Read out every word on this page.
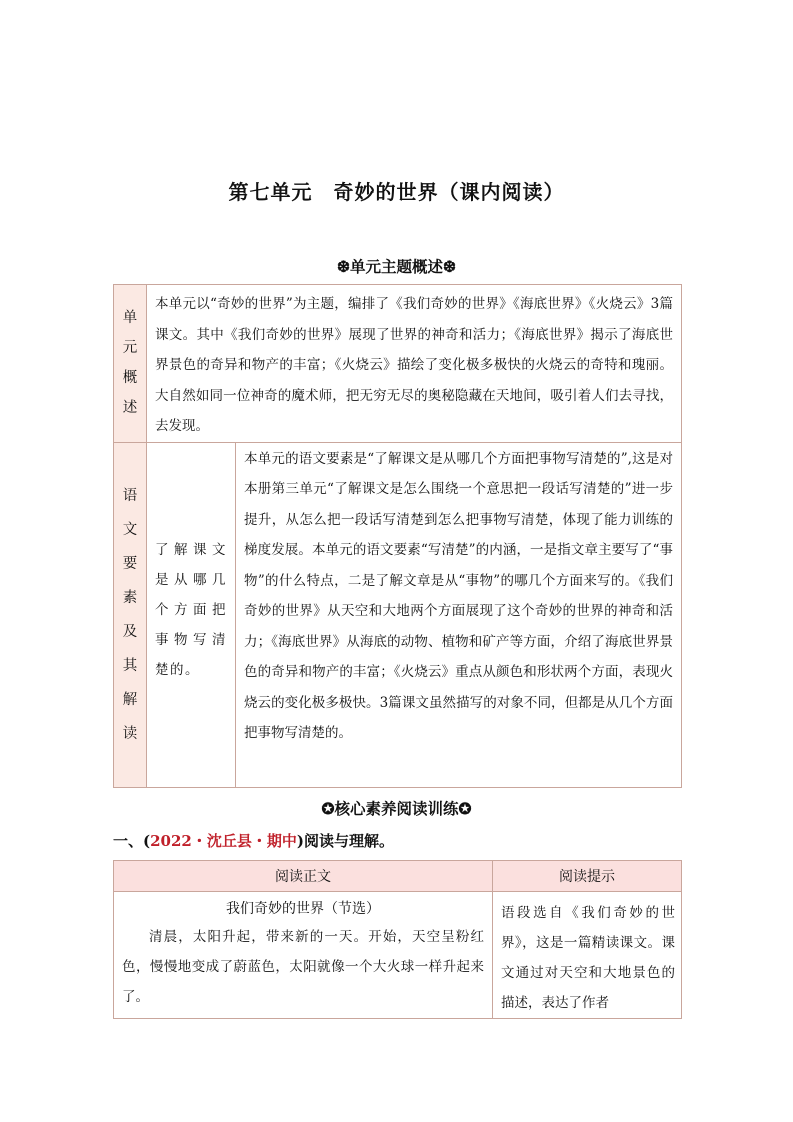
第七单元　奇妙的世界（课内阅读）
❆单元主题概述❆
单元概述	本单元以“奇妙的世界”为主题，编排了《我们奇妙的世界》《海底世界》《火烧云》3篇课文。其中《我们奇妙的世界》展现了世界的神奇和活力；《海底世界》揭示了海底世界景色的奇异和物产的丰富；《火烧云》描绘了变化极多极快的火烧云的奇特和瑰丽。大自然如同一位神奇的魔术师，把无穷无尽的奥秘隐藏在天地间，吸引着人们去寻找，去发现。	

语文要素及其解读	了解课文是从哪几个方面把事物写清楚的。	本单元的语文要素是“了解课文是从哪几个方面把事物写清楚的”,这是对本册第三单元“了解课文是怎么围绕一个意思把一段话写清楚的”进一步提升，从怎么把一段话写清楚到怎么把事物写清楚，体现了能力训练的梯度发展。本单元的语文要素“写清楚”的内涵，一是指文章主要写了“事物”的什么特点，二是了解文章是从“事物”的哪几个方面来写的。《我们奇妙的世界》从天空和大地两个方面展现了这个奇妙的世界的神奇和活力；《海底世界》从海底的动物、植物和矿产等方面，介绍了海底世界景色的奇异和物产的丰富；《火烧云》重点从颜色和形状两个方面，表现火烧云的变化极多极快。3篇课文虽然描写的对象不同，但都是从几个方面把事物写清楚的。
✪核心素养阅读训练✪
一、(2022・沈丘县・期中)阅读与理解。
阅读正文	阅读提示

我们奇妙的世界（节选）
清晨，太阳升起，带来新的一天。开始，天空呈粉红色，慢慢地变成了蔚蓝色，太阳就像一个大火球一样升起来了。	语段选自《我们奇妙的世界》，这是一篇精读课文。课文通过对天空和大地景色的描述，表达了作者
